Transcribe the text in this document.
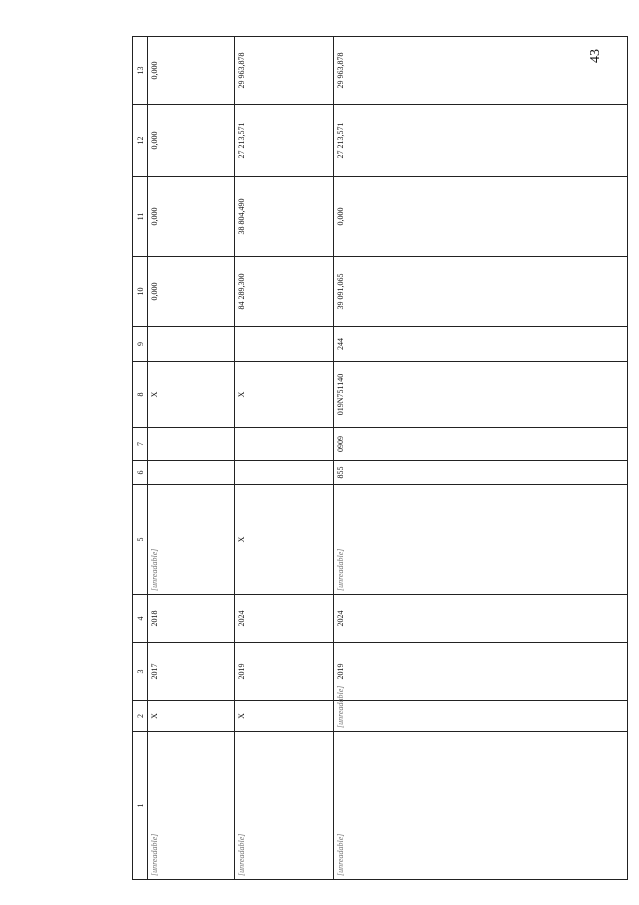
43
1	2	3	4	5	6	7	8	9	10	11	12	13
[unreadable]	X	2017	2018	[unreadable]			X		0,000	0,000	0,000	0,000
[unreadable]	X	2019	2024	X			X		84 289,300	38 804,490	27 213,571	29 963,878
[unreadable]	[unreadable]	2019	2024	[unreadable]	855	0909	019N751140	244	39 091,065	0,000	27 213,571	29 963,878
